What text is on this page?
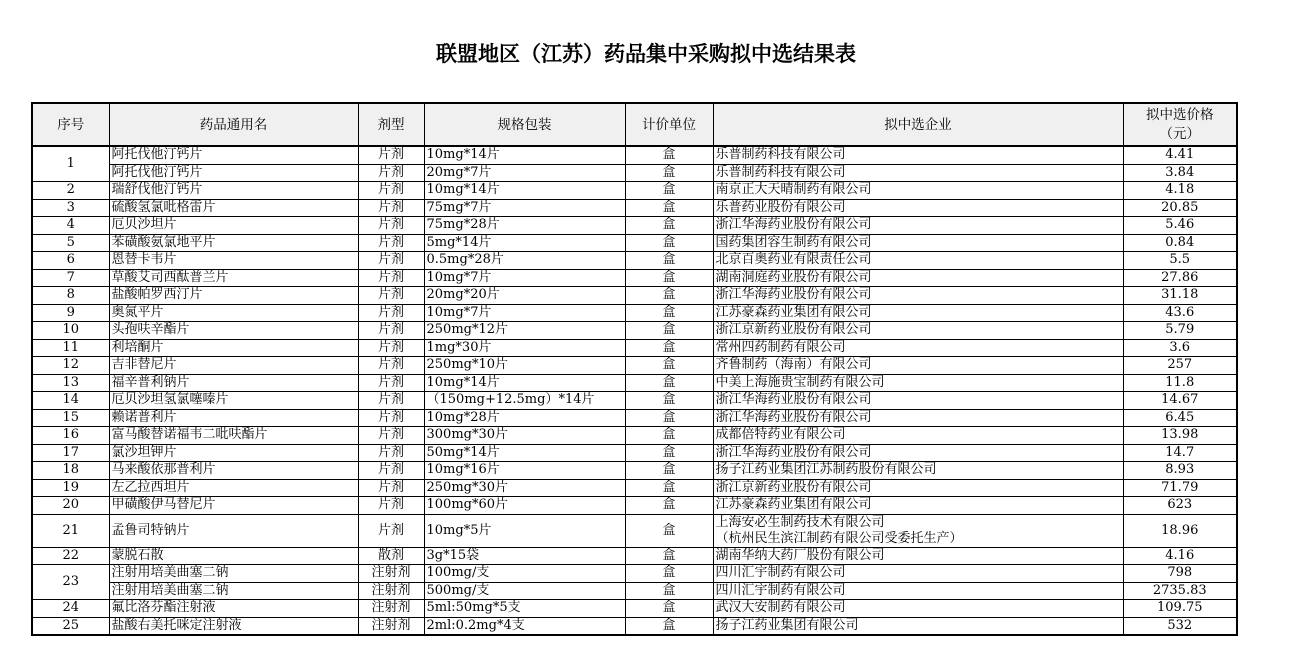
联盟地区（江苏）药品集中采购拟中选结果表
序号	药品通用名	剂型	规格包装	计价单位	拟中选企业	拟中选价格
（元）
1	阿托伐他汀钙片	片剂	10mg*14片	盒	乐普制药科技有限公司	4.41
	阿托伐他汀钙片	片剂	20mg*7片	盒	乐普制药科技有限公司	3.84
2	瑞舒伐他汀钙片	片剂	10mg*14片	盒	南京正大天晴制药有限公司	4.18
3	硫酸氢氯吡格雷片	片剂	75mg*7片	盒	乐普药业股份有限公司	20.85
4	厄贝沙坦片	片剂	75mg*28片	盒	浙江华海药业股份有限公司	5.46
5	苯磺酸氨氯地平片	片剂	5mg*14片	盒	国药集团容生制药有限公司	0.84
6	恩替卡韦片	片剂	0.5mg*28片	盒	北京百奥药业有限责任公司	5.5
7	草酸艾司西酞普兰片	片剂	10mg*7片	盒	湖南洞庭药业股份有限公司	27.86
8	盐酸帕罗西汀片	片剂	20mg*20片	盒	浙江华海药业股份有限公司	31.18
9	奥氮平片	片剂	10mg*7片	盒	江苏豪森药业集团有限公司	43.6
10	头孢呋辛酯片	片剂	250mg*12片	盒	浙江京新药业股份有限公司	5.79
11	利培酮片	片剂	1mg*30片	盒	常州四药制药有限公司	3.6
12	吉非替尼片	片剂	250mg*10片	盒	齐鲁制药（海南）有限公司	257
13	福辛普利钠片	片剂	10mg*14片	盒	中美上海施贵宝制药有限公司	11.8
14	厄贝沙坦氢氯噻嗪片	片剂	（150mg+12.5mg）*14片	盒	浙江华海药业股份有限公司	14.67
15	赖诺普利片	片剂	10mg*28片	盒	浙江华海药业股份有限公司	6.45
16	富马酸替诺福韦二吡呋酯片	片剂	300mg*30片	盒	成都倍特药业有限公司	13.98
17	氯沙坦钾片	片剂	50mg*14片	盒	浙江华海药业股份有限公司	14.7
18	马来酸依那普利片	片剂	10mg*16片	盒	扬子江药业集团江苏制药股份有限公司	8.93
19	左乙拉西坦片	片剂	250mg*30片	盒	浙江京新药业股份有限公司	71.79
20	甲磺酸伊马替尼片	片剂	100mg*60片	盒	江苏豪森药业集团有限公司	623
21	孟鲁司特钠片	片剂	10mg*5片	盒	上海安必生制药技术有限公司
（杭州民生滨江制药有限公司受委托生产）	18.96
22	蒙脱石散	散剂	3g*15袋	盒	湖南华纳大药厂股份有限公司	4.16
23	注射用培美曲塞二钠	注射剂	100mg/支	盒	四川汇宇制药有限公司	798
	注射用培美曲塞二钠	注射剂	500mg/支	盒	四川汇宇制药有限公司	2735.83
24	氟比洛芬酯注射液	注射剂	5ml:50mg*5支	盒	武汉大安制药有限公司	109.75
25	盐酸右美托咪定注射液	注射剂	2ml:0.2mg*4支	盒	扬子江药业集团有限公司	532
